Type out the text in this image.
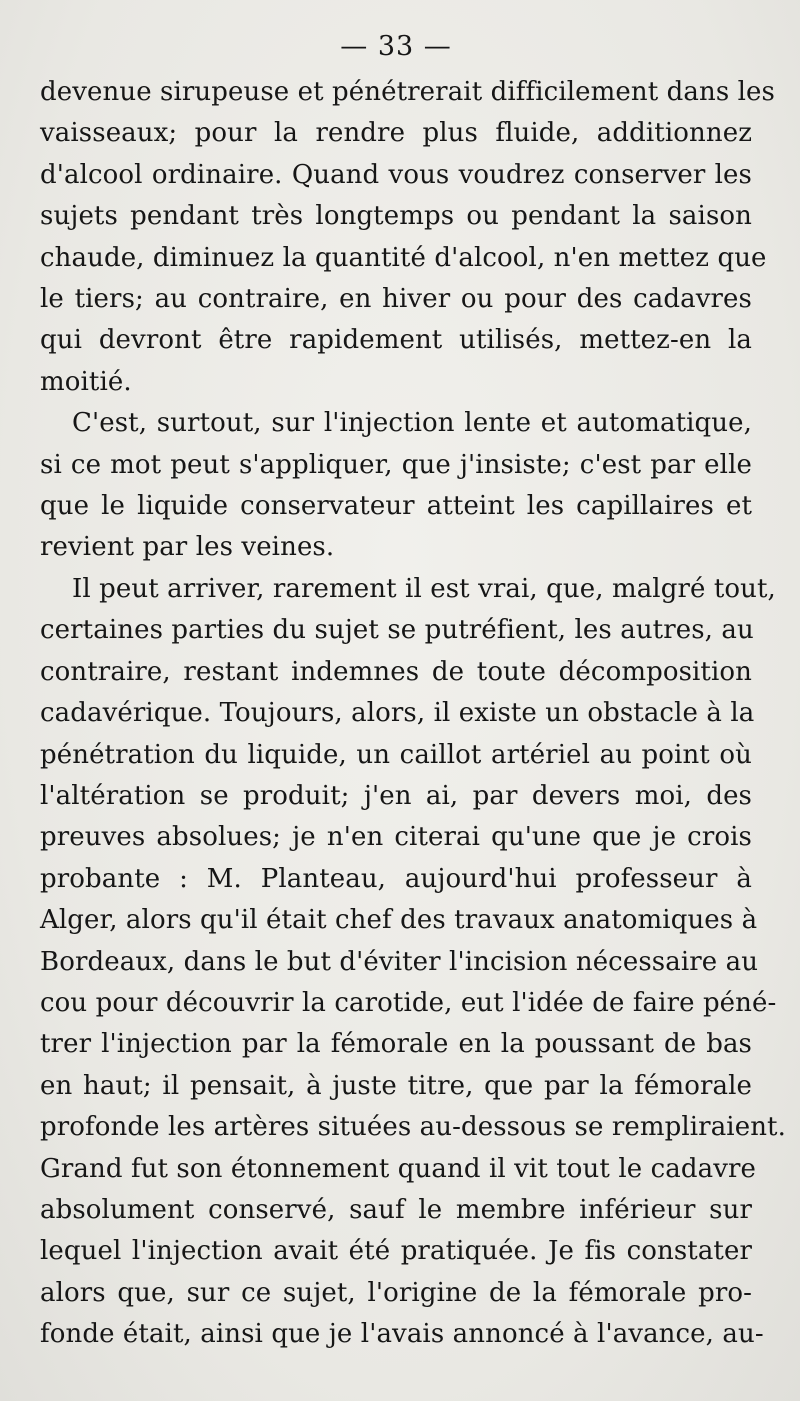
— 33 —
devenue sirupeuse et pénétrerait difficilement dans les
vaisseaux; pour la rendre plus fluide, additionnez
d'alcool ordinaire. Quand vous voudrez conserver les
sujets pendant très longtemps ou pendant la saison
chaude, diminuez la quantité d'alcool, n'en mettez que
le tiers; au contraire, en hiver ou pour des cadavres
qui devront être rapidement utilisés, mettez-en la
moitié.
C'est, surtout, sur l'injection lente et automatique,
si ce mot peut s'appliquer, que j'insiste; c'est par elle
que le liquide conservateur atteint les capillaires et
revient par les veines.
Il peut arriver, rarement il est vrai, que, malgré tout,
certaines parties du sujet se putréfient, les autres, au
contraire, restant indemnes de toute décomposition
cadavérique. Toujours, alors, il existe un obstacle à la
pénétration du liquide, un caillot artériel au point où
l'altération se produit; j'en ai, par devers moi, des
preuves absolues; je n'en citerai qu'une que je crois
probante : M. Planteau, aujourd'hui professeur à
Alger, alors qu'il était chef des travaux anatomiques à
Bordeaux, dans le but d'éviter l'incision nécessaire au
cou pour découvrir la carotide, eut l'idée de faire péné-
trer l'injection par la fémorale en la poussant de bas
en haut; il pensait, à juste titre, que par la fémorale
profonde les artères situées au-dessous se rempliraient.
Grand fut son étonnement quand il vit tout le cadavre
absolument conservé, sauf le membre inférieur sur
lequel l'injection avait été pratiquée. Je fis constater
alors que, sur ce sujet, l'origine de la fémorale pro-
fonde était, ainsi que je l'avais annoncé à l'avance, au-
